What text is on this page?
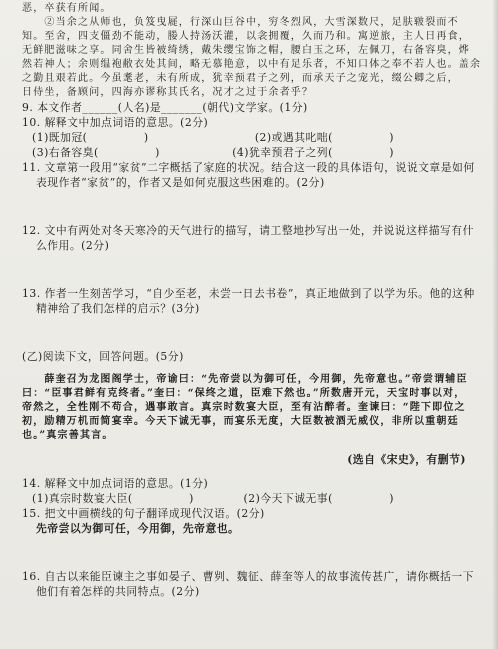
恶，卒获有所闻。

　　②当余之从师也，负笈曳屣，行深山巨谷中，穷冬烈风，大雪深数尺，足肤皲裂而不

知。至舍，四支僵劲不能动，媵人持汤沃灌，以衾拥覆，久而乃和。寓逆旅，主人日再食，

无鲜肥滋味之享。同舍生皆被绮绣，戴朱缨宝饰之帽，腰白玉之环，左佩刀，右备容臭，烨

然若神人；余则缊袍敝衣处其间，略无慕艳意，以中有足乐者，不知口体之奉不若人也。盖余

之勤且艰若此。今虽耄老，未有所成，犹幸预君子之列，而承天子之宠光，缀公卿之后，

日侍坐，备顾问，四海亦谬称其氏名，况才之过于余者乎？

9. 本文作者______(人名)是_______(朝代)文学家。(1分)

10. 解释文中加点词语的意思。(2分)

(1)既加冠(　　　　　)	(2)或遇其叱咄(　　　　　)
(3)右备容臭(　　　　　)	(4)犹幸预君子之列(　　　　　)

11. 文章第一段用“家贫”二字概括了家庭的状况。结合这一段的具体语句，说说文章是如何

表现作者“家贫”的，作者又是如何克服这些困难的。(2分)

12. 文中有两处对冬天寒冷的天气进行的描写，请工整地抄写出一处，并说说这样描写有什

么作用。(2分)

13. 作者一生刻苦学习，“自少至老，未尝一日去书卷”，真正地做到了以学为乐。他的这种

精神给了我们怎样的启示？(3分)

(乙)阅读下文，回答问题。(5分)

　　薛奎召为龙图阁学士，帝谕曰：“先帝尝以为御可任，今用御，先帝意也。”帝尝谓辅臣

曰：“臣事君鲜有克终者。”奎曰：“保终之道，臣难下然也。”所数唐开元，天宝时事以对，

帝然之，全性刚不苟合，遇事敢言。真宗时数宴大臣，至有沾醉者。奎谏曰：“陛下即位之

初，励精万机而简宴幸。今天下诚无事，而宴乐无度，大臣数被酒无威仪，非所以重朝廷

也。”真宗善其言。

(选自《宋史》，有删节)

14. 解释文中加点词语的意思。(1分)

(1)真宗时数宴大臣(　　　　　)	(2)今天下诚无事(　　　　　)

15. 把文中画横线的句子翻译成现代汉语。(2分)

先帝尝以为御可任，今用御，先帝意也。

16. 自古以来能臣谏主之事如晏子、曹刿、魏征、薛奎等人的故事流传甚广，请你概括一下

他们有着怎样的共同特点。(2分)
